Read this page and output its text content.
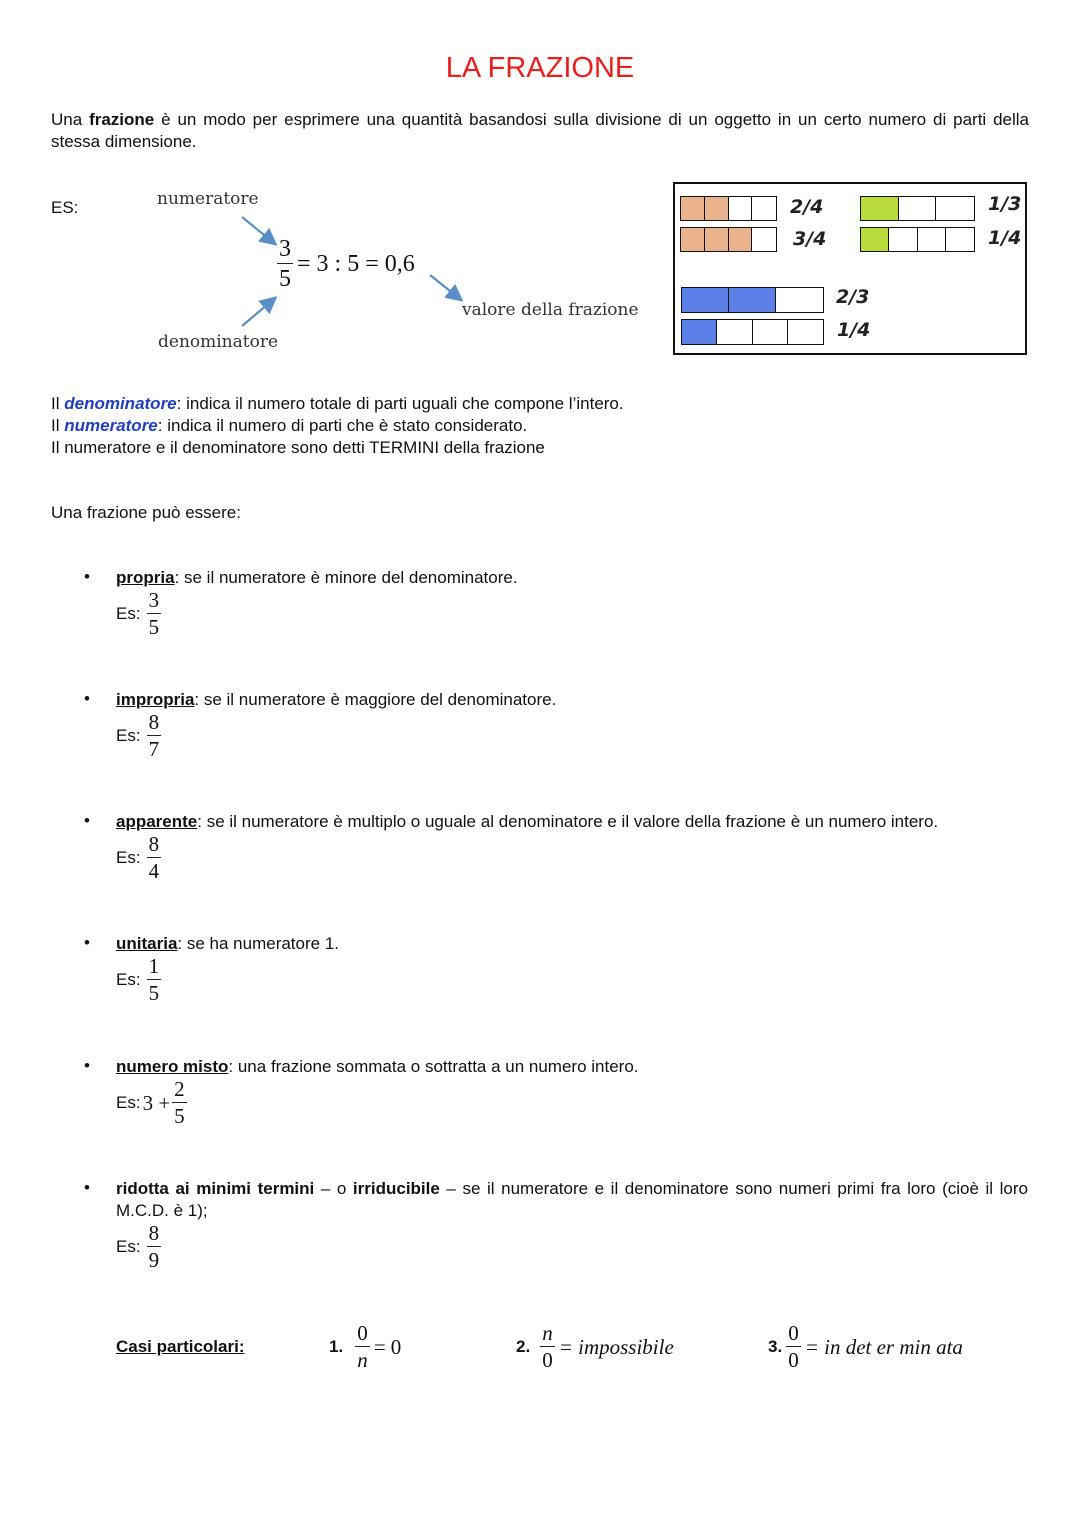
LA FRAZIONE
Una frazione è un modo per esprimere una quantità basandosi sulla divisione di un oggetto in un certo numero di parti della stessa dimensione.
ES:	numeratore
denominatore
valore della frazione
$\frac{3}{5} = 3$ : 5 = 0,6
2/4
3/4
1/3
1/4
2/3
1/4
Il denominatore: indica il numero totale di parti uguali che compone l’intero.
Il numeratore: indica il numero di parti che è stato considerato.
Il numeratore e il denominatore sono detti TERMINI della frazione
Una frazione può essere:
• propria: se il numeratore è minore del denominatore.
Es: $\frac{3}{5}$
• impropria: se il numeratore è maggiore del denominatore.
Es: $\frac{8}{7}$
• apparente: se il numeratore è multiplo o uguale al denominatore e il valore della frazione è un numero intero.
Es: $\frac{8}{4}$
• unitaria: se ha numeratore 1.
Es: $\frac{1}{5}$
• numero misto: una frazione sommata o sottratta a un numero intero.
Es: $3 + \frac{2}{5}$
• ridotta ai minimi termini – o irriducibile – se il numeratore e il denominatore sono numeri primi fra loro (cioè il loro M.C.D. è 1);
Es: $\frac{8}{9}$
Casi particolari:	1. $\frac{0}{n} = 0$	2. $\frac{n}{0}$ = impossibile	3. $\frac{0}{0}$ = in det er min ata
